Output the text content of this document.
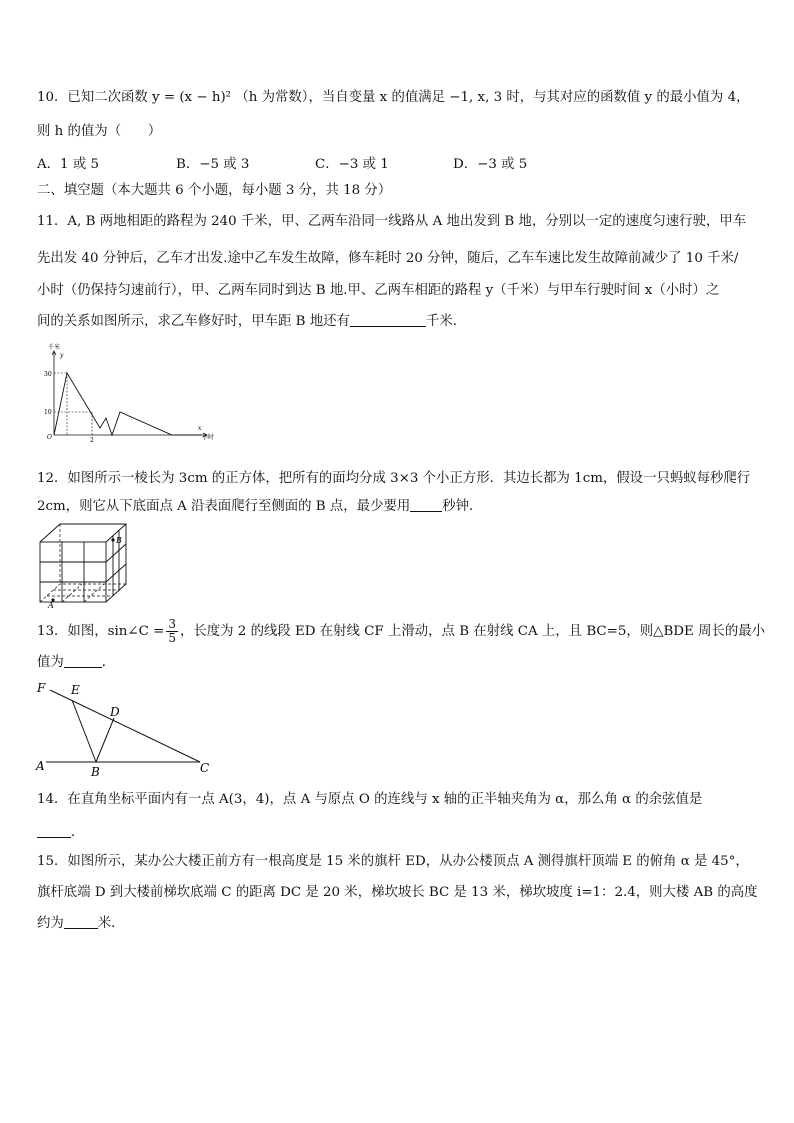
10．已知二次函数 y = (x − h)² （h 为常数），当自变量 x 的值满足 −1, x, 3 时，与其对应的函数值 y 的最小值为 4，
则 h 的值为（　　）
A．1 或 5	B．−5 或 3	C．−3 或 1	D．−3 或 5
二、填空题（本大题共 6 个小题，每小题 3 分，共 18 分）
11．A, B 两地相距的路程为 240 千米，甲、乙两车沿同一线路从 A 地出发到 B 地，分别以一定的速度匀速行驶，甲车
先出发 40 分钟后，乙车才出发.途中乙车发生故障，修车耗时 20 分钟，随后，乙车车速比发生故障前减少了 10 千米/
小时（仍保持匀速前行），甲、乙两车同时到达 B 地.甲、乙两车相距的路程 y（千米）与甲车行驶时间 x（小时）之
间的关系如图所示，求乙车修好时，甲车距 B 地还有	千米.
千米
y
x
小时
30
10
O	2
12．如图所示一棱长为 3cm 的正方体，把所有的面均分成 3×3 个小正方形．其边长都为 1cm，假设一只蚂蚁每秒爬行
2cm，则它从下底面点 A 沿表面爬行至侧面的 B 点，最少要用 秒钟．
A
B
13．如图，sin∠C = $\frac{3}{5}$ ，长度为 2 的线段 ED 在射线 CF 上滑动，点 B 在射线 CA 上，且 BC=5，则△BDE 周长的最小
值为	．
F E
D
A	B	C
14．在直角坐标平面内有一点 A(3，4)，点 A 与原点 O 的连线与 x 轴的正半轴夹角为 α，那么角 α 的余弦值是
．
15．如图所示，某办公大楼正前方有一根高度是 15 米的旗杆 ED，从办公楼顶点 A 测得旗杆顶端 E 的俯角 α 是 45°，
旗杆底端 D 到大楼前梯坎底端 C 的距离 DC 是 20 米，梯坎坡长 BC 是 13 米，梯坎坡度 i=1：2.4，则大楼 AB 的高度
约为	米．
